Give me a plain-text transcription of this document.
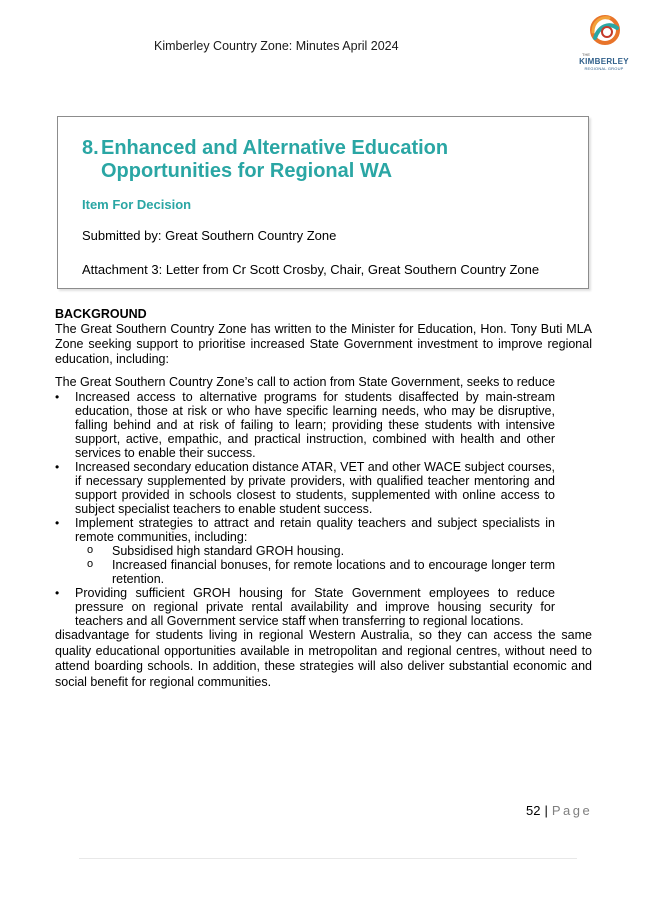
Kimberley Country Zone: Minutes April 2024
THE
KIMBERLEY
REGIONAL GROUP
8. Enhanced and Alternative Education Opportunities for Regional WA
Item For Decision
Submitted by: Great Southern Country Zone
Attachment 3: Letter from Cr Scott Crosby, Chair, Great Southern Country Zone
BACKGROUND
The Great Southern Country Zone has written to the Minister for Education, Hon. Tony Buti MLA Zone seeking support to prioritise increased State Government investment to improve regional education, including:
The Great Southern Country Zone’s call to action from State Government, seeks to reduce
• Increased access to alternative programs for students disaffected by main-stream education, those at risk or who have specific learning needs, who may be disruptive, falling behind and at risk of failing to learn; providing these students with intensive support, active, empathic, and practical instruction, combined with health and other services to enable their success.
• Increased secondary education distance ATAR, VET and other WACE subject courses, if necessary supplemented by private providers, with qualified teacher mentoring and support provided in schools closest to students, supplemented with online access to subject specialist teachers to enable student success.
• Implement strategies to attract and retain quality teachers and subject specialists in remote communities, including:
o Subsidised high standard GROH housing.
o Increased financial bonuses, for remote locations and to encourage longer term retention.
• Providing sufficient GROH housing for State Government employees to reduce pressure on regional private rental availability and improve housing security for teachers and all Government service staff when transferring to regional locations.
disadvantage for students living in regional Western Australia, so they can access the same quality educational opportunities available in metropolitan and regional centres, without need to attend boarding schools. In addition, these strategies will also deliver substantial economic and social benefit for regional communities.
52 | Page
